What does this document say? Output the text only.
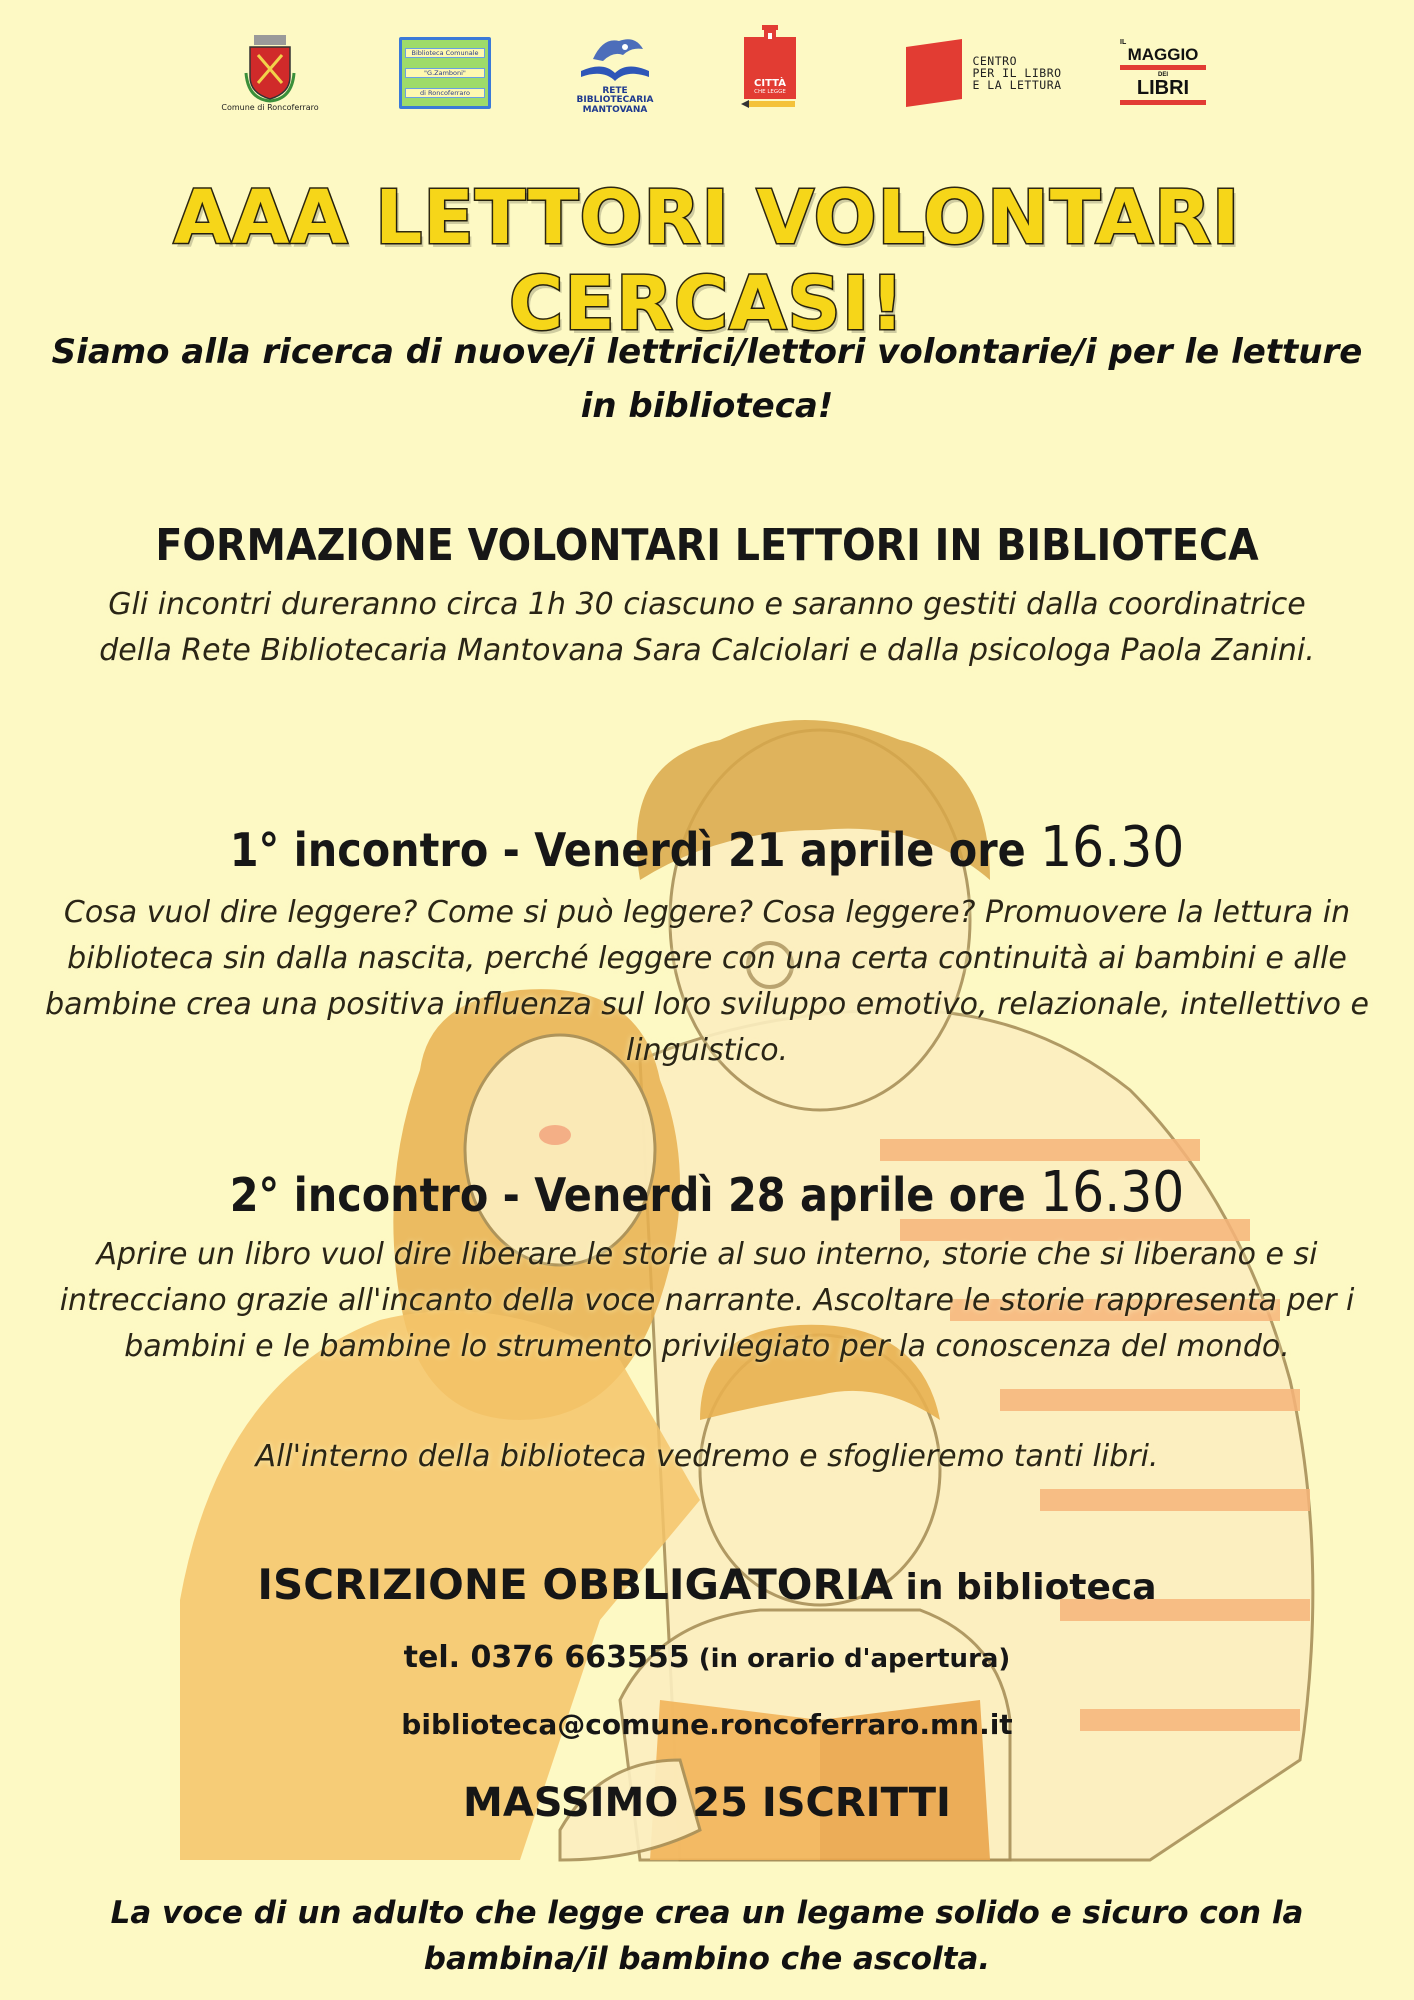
Comune di Roncoferraro
Biblioteca Comunale
"G.Zamboni"
di Roncoferraro	RETE BIBLIOTECARIA MANTOVANA
CITTÀ
CHE LEGGE
CENTRO
PER IL LIBRO
E LA LETTURA
IL
MAGGIO
DEI
LIBRI
AAA LETTORI VOLONTARI CERCASI!
Siamo alla ricerca di nuove/i lettrici/lettori volontarie/i per le letture in biblioteca!
FORMAZIONE VOLONTARI LETTORI IN BIBLIOTECA
Gli incontri dureranno circa 1h 30 ciascuno e saranno gestiti dalla coordinatrice della Rete Bibliotecaria Mantovana Sara Calciolari e dalla psicologa Paola Zanini.
1° incontro - Venerdì 21 aprile ore 16.30
Cosa vuol dire leggere? Come si può leggere? Cosa leggere? Promuovere la lettura in biblioteca sin dalla nascita, perché leggere con una certa continuità ai bambini e alle bambine crea una positiva influenza sul loro sviluppo emotivo, relazionale, intellettivo e linguistico.
2° incontro - Venerdì 28 aprile ore 16.30
Aprire un libro vuol dire liberare le storie al suo interno, storie che si liberano e si intrecciano grazie all'incanto della voce narrante. Ascoltare le storie rappresenta per i bambini e le bambine lo strumento privilegiato per la conoscenza del mondo.
All'interno della biblioteca vedremo e sfoglieremo tanti libri.
ISCRIZIONE OBBLIGATORIA in biblioteca
tel. 0376 663555 (in orario d'apertura)
biblioteca@comune.roncoferraro.mn.it
MASSIMO 25 ISCRITTI
La voce di un adulto che legge crea un legame solido e sicuro con la bambina/il bambino che ascolta.
